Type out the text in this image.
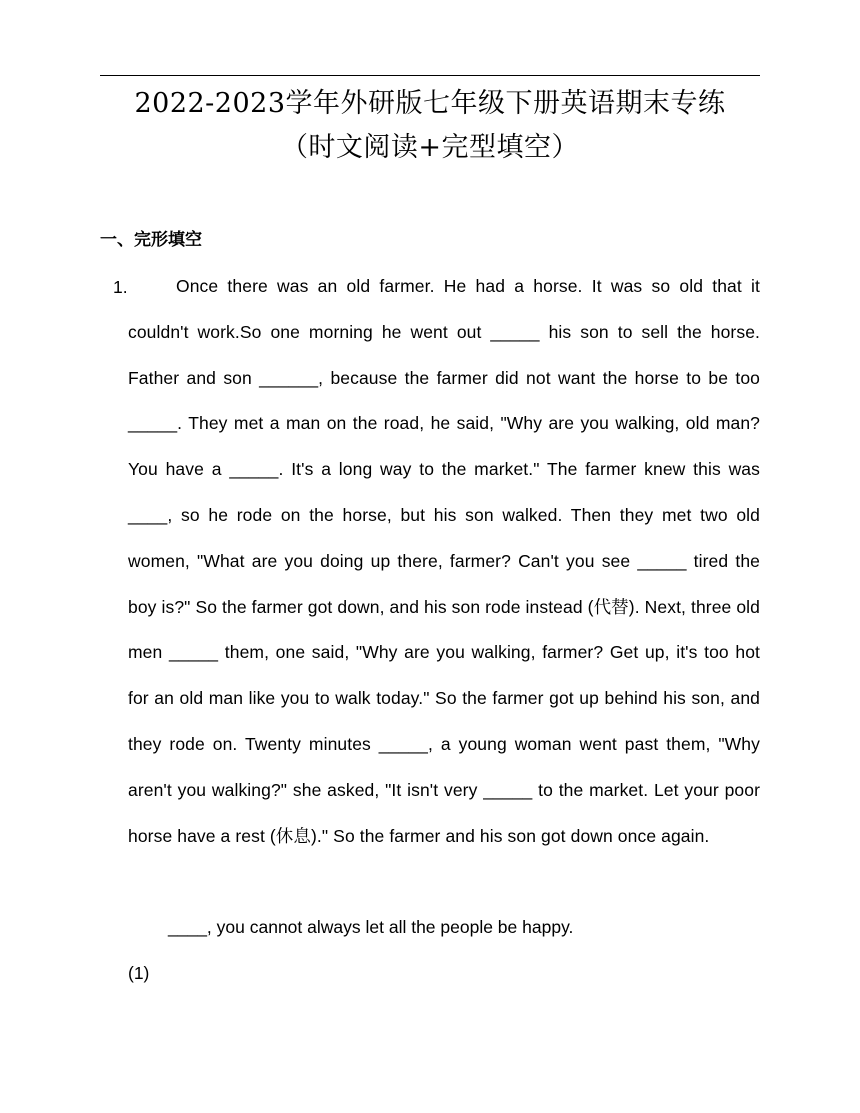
2022-2023学年外研版七年级下册英语期末专练
（时文阅读+完型填空）
一、完形填空
1.	Once there was an old farmer. He had a horse. It was so old that it couldn't work.So one morning he went out _____ his son to sell the horse. Father and son ______, because the farmer did not want the horse to be too _____. They met a man on the road, he said, "Why are you walking, old man? You have a _____. It's a long way to the market." The farmer knew this was ____, so he rode on the horse, but his son walked. Then they met two old women, "What are you doing up there, farmer? Can't you see _____ tired the boy is?" So the farmer got down, and his son rode instead (代替). Next, three old men _____ them, one said, "Why are you walking, farmer? Get up, it's too hot for an old man like you to walk today." So the farmer got up behind his son, and they rode on. Twenty minutes _____, a young woman went past them, "Why aren't you walking?" she asked, "It isn't very _____ to the market. Let your poor horse have a rest (休息)." So the farmer and his son got down once again.

____, you cannot always let all the people be happy.

(1)
